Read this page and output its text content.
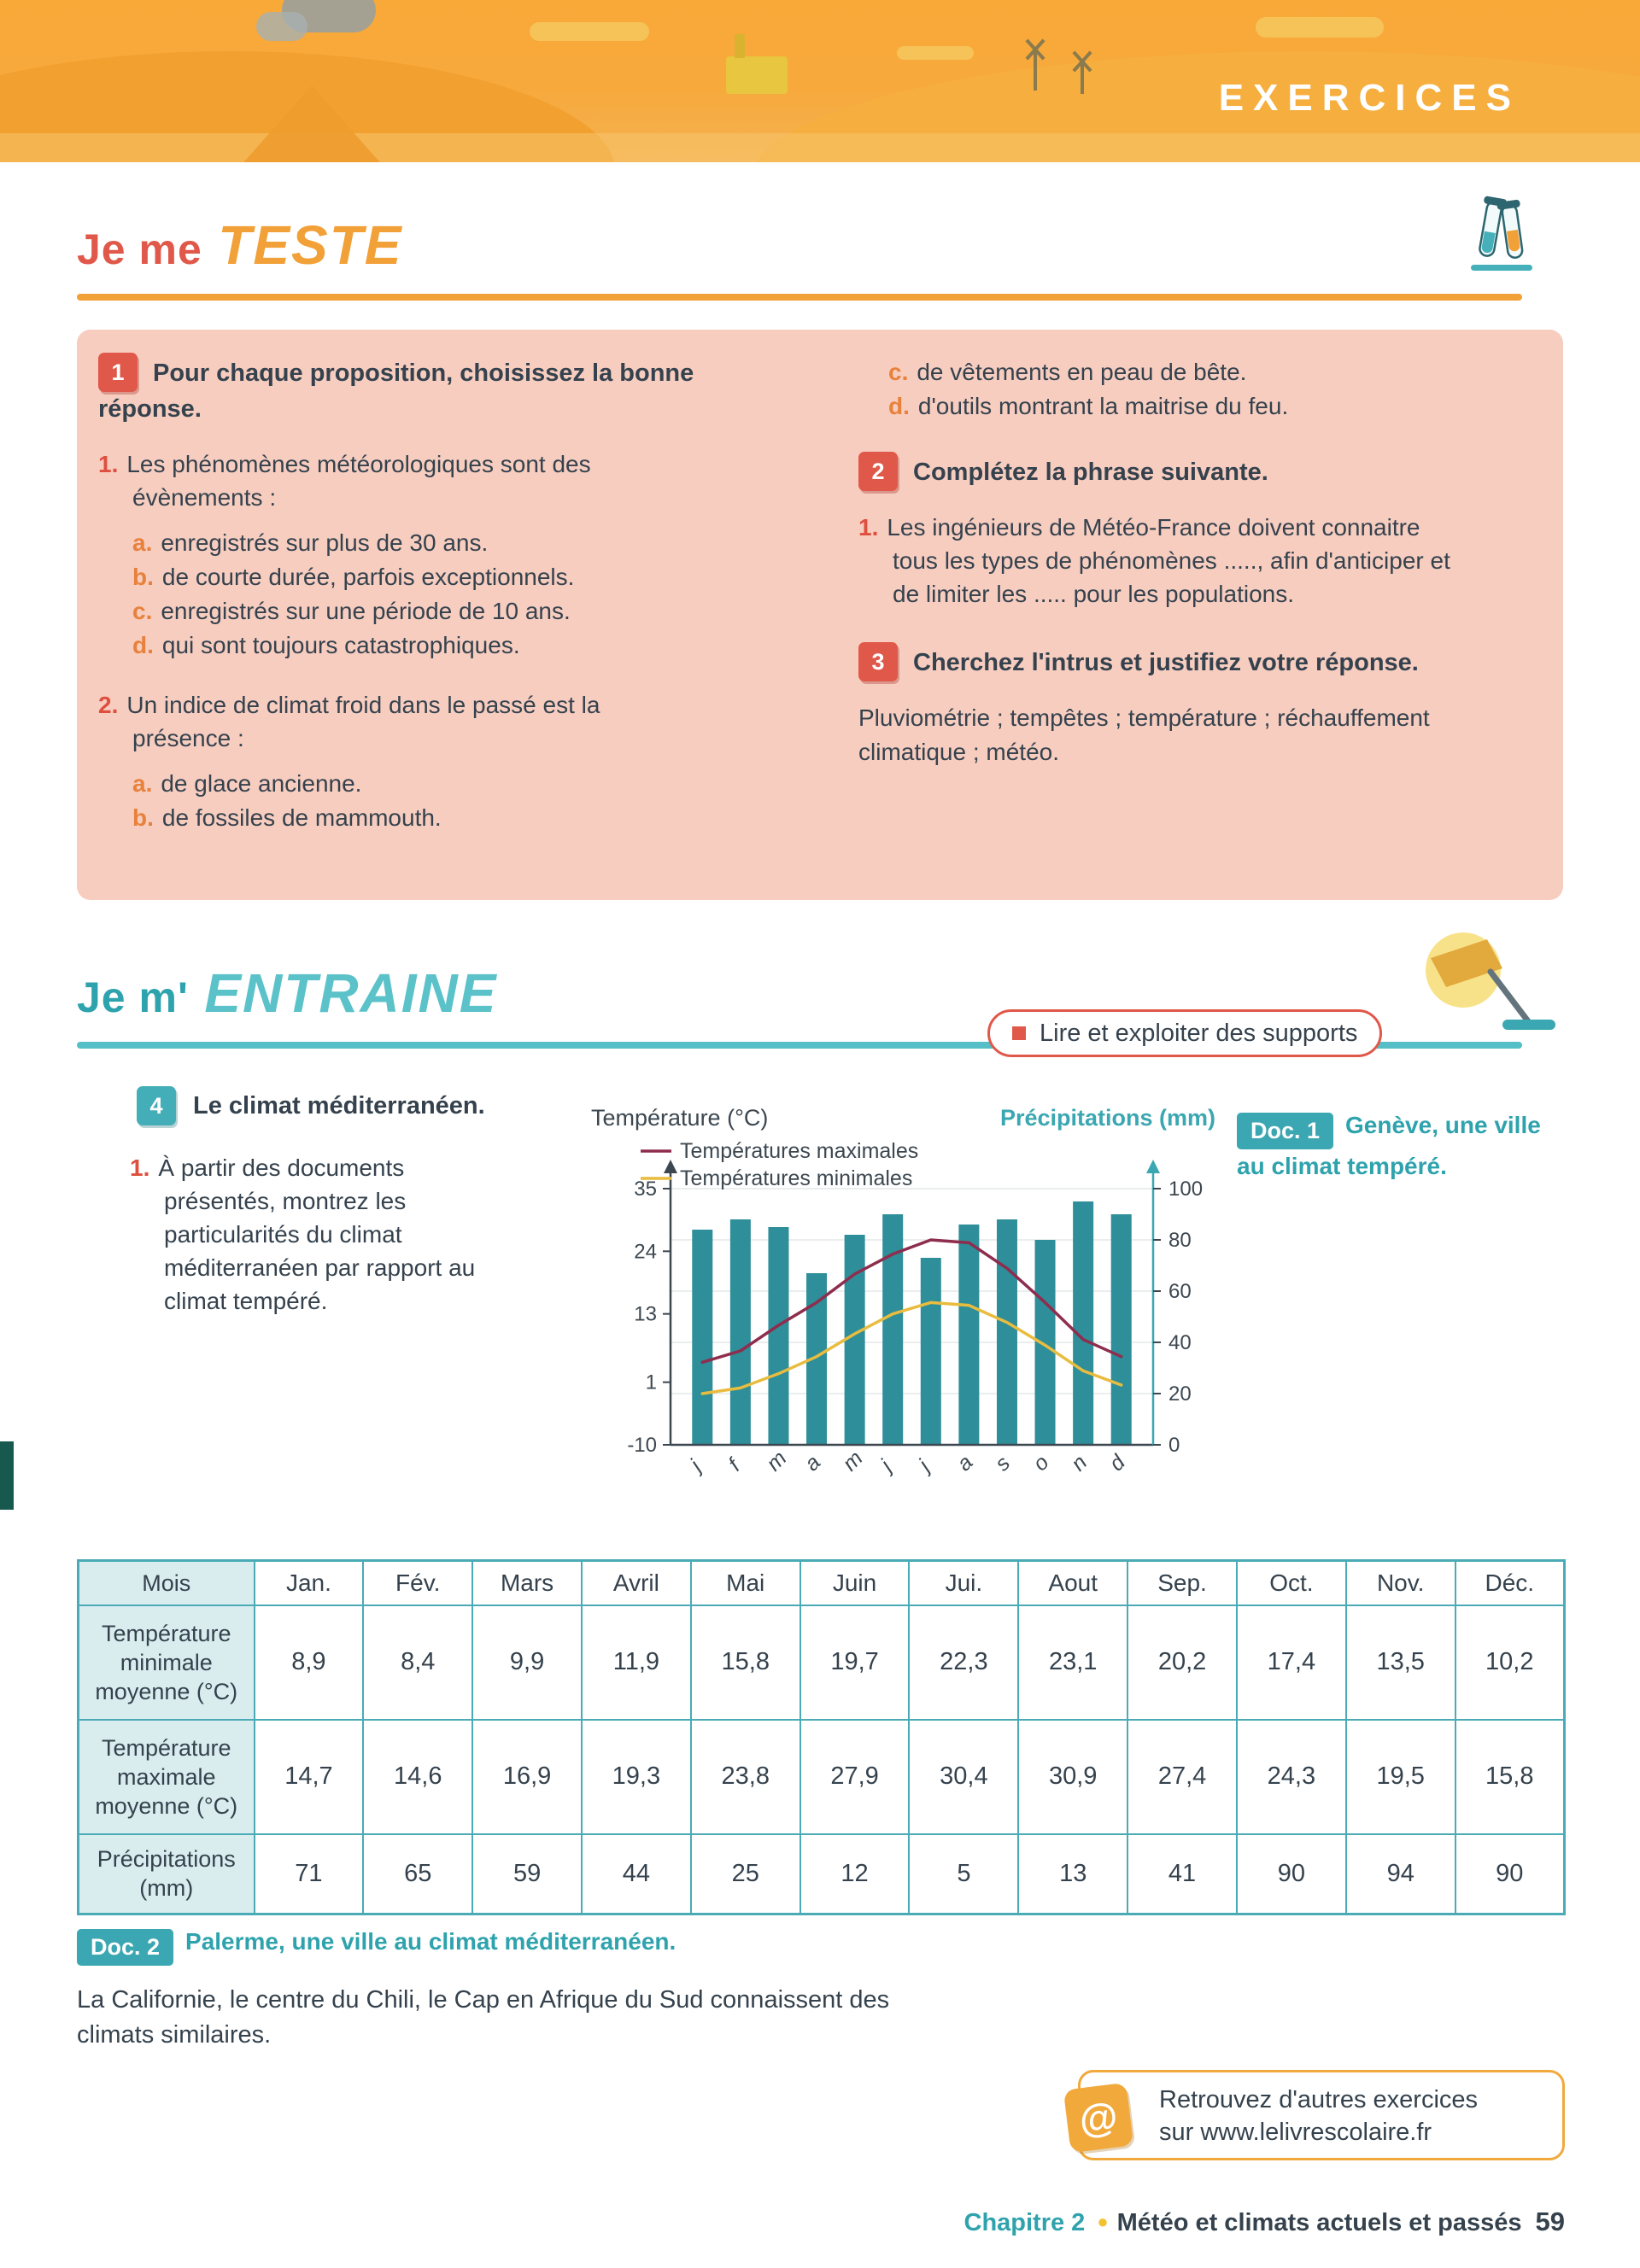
EXERCICES
Je me TESTE
1	Pour chaque proposition, choisissez la bonne réponse.

1. Les phénomènes météorologiques sont des évènements :

a. enregistrés sur plus de 30 ans.
b. de courte durée, parfois exceptionnels.
c. enregistrés sur une période de 10 ans.
d. qui sont toujours catastrophiques.

2. Un indice de climat froid dans le passé est la présence :

a. de glace ancienne.
b. de fossiles de mammouth.
c. de vêtements en peau de bête.
d. d'outils montrant la maitrise du feu.
2	Complétez la phrase suivante.

1. Les ingénieurs de Météo-France doivent connaitre tous les types de phénomènes ....., afin d'anticiper et de limiter les ..... pour les populations.

3	Cherchez l'intrus et justifiez votre réponse.

Pluviométrie ; tempêtes ; température ; réchauffement climatique ; météo.

Je m' ENTRAINE
Lire et exploiter des supports
4	Le climat méditerranéen.

1. À partir des documents présentés, montrez les particularités du climat méditerranéen par rapport au climat tempéré.

35
24
13
1
-10
100
80
60
40
20
0
j f m a m j j a s o n d
Température (°C)	Précipitations (mm)
Températures maximales
Températures minimales
Doc. 1 Genève, une ville au climat tempéré.
Mois	Jan.	Fév.	Mars	Avril	Mai	Juin	Jui.	Aout	Sep.	Oct.	Nov.	Déc.
Température minimale moyenne (°C)	8,9	8,4	9,9	11,9	15,8	19,7	22,3	23,1	20,2	17,4	13,5	10,2
Température maximale moyenne (°C)	14,7	14,6	16,9	19,3	23,8	27,9	30,4	30,9	27,4	24,3	19,5	15,8
Précipitations (mm)	71	65	59	44	25	12	5	13	41	90	94	90
Doc. 2 Palerme, une ville au climat méditerranéen.

La Californie, le centre du Chili, le Cap en Afrique du Sud connaissent des climats similaires.

@	Retrouvez d'autres exercices
sur www.lelivrescolaire.fr
Chapitre 2 ● Météo et climats actuels et passés 59
